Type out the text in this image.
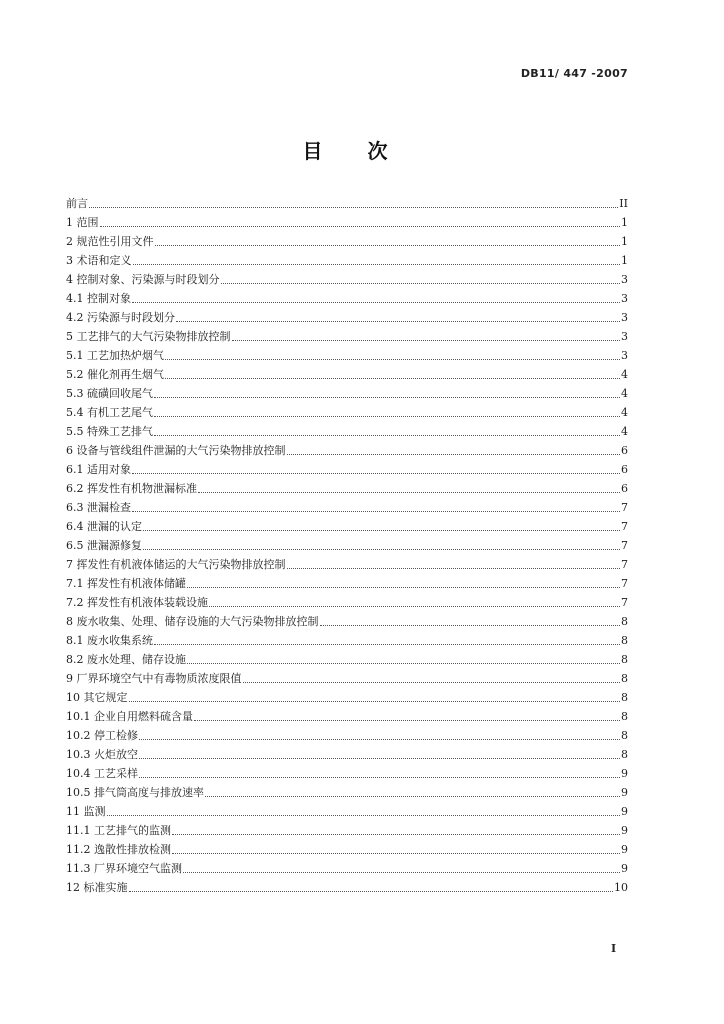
DB11/ 447 -2007
目 次
前言	II
1 范围	1
2 规范性引用文件	1
3 术语和定义	1
4 控制对象、污染源与时段划分	3
4.1 控制对象	3
4.2 污染源与时段划分	3
5 工艺排气的大气污染物排放控制	3
5.1 工艺加热炉烟气	3
5.2 催化剂再生烟气	4
5.3 硫磺回收尾气	4
5.4 有机工艺尾气	4
5.5 特殊工艺排气	4
6 设备与管线组件泄漏的大气污染物排放控制	6
6.1 适用对象	6
6.2 挥发性有机物泄漏标准	6
6.3 泄漏检查	7
6.4 泄漏的认定	7
6.5 泄漏源修复	7
7 挥发性有机液体储运的大气污染物排放控制	7
7.1 挥发性有机液体储罐	7
7.2 挥发性有机液体装载设施	7
8 废水收集、处理、储存设施的大气污染物排放控制	8
8.1 废水收集系统	8
8.2 废水处理、储存设施	8
9 厂界环境空气中有毒物质浓度限值	8
10 其它规定	8
10.1 企业自用燃料硫含量	8
10.2 停工检修	8
10.3 火炬放空	8
10.4 工艺采样	9
10.5 排气筒高度与排放速率	9
11 监测	9
11.1 工艺排气的监测	9
11.2 逸散性排放检测	9
11.3 厂界环境空气监测	9
12 标准实施	10
I
